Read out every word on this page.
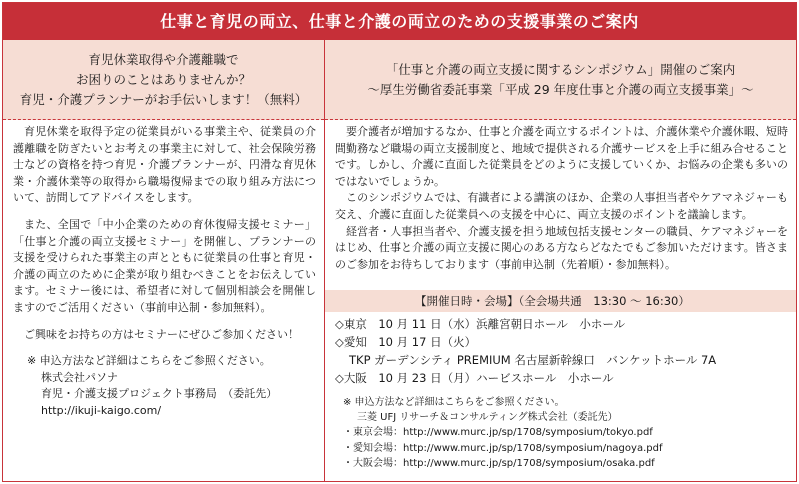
仕事と育児の両立、仕事と介護の両立のための支援事業のご案内
育児休業取得や介護離職で
お困りのことはありませんか？
育児・介護プランナーがお手伝いします！（無料）

育児休業を取得予定の従業員がいる事業主や、従業員の介護離職を防ぎたいとお考えの事業主に対して、社会保険労務士などの資格を持つ育児・介護プランナーが、円滑な育児休業・介護休業等の取得から職場復帰までの取り組み方法について、訪問してアドバイスをします。

また、全国で「中小企業のための育休復帰支援セミナー」「仕事と介護の両立支援セミナー」を開催し、プランナーの支援を受けられた事業主の声とともに従業員の仕事と育児・介護の両立のために企業が取り組むべきことをお伝えしています。セミナー後には、希望者に対して個別相談会を開催しますのでご活用ください（事前申込制・参加無料）。

ご興味をお持ちの方はセミナーにぜひご参加ください！

※ 申込方法など詳細はこちらをご参照ください。
株式会社パソナ
育児・介護支援プロジェクト事務局　（委託先）
http://ikuji-kaigo.com/
「仕事と介護の両立支援に関するシンポジウム」開催のご案内
～厚生労働省委託事業「平成 29 年度仕事と介護の両立支援事業」～

要介護者が増加するなか、仕事と介護を両立するポイントは、介護休業や介護休暇、短時間勤務など職場の両立支援制度と、地域で提供される介護サービスを上手に組み合せることです。しかし、介護に直面した従業員をどのように支援していくか、お悩みの企業も多いのではないでしょうか。

このシンポジウムでは、有識者による講演のほか、企業の人事担当者やケアマネジャーも交え、介護に直面した従業員への支援を中心に、両立支援のポイントを議論します。

経営者・人事担当者や、介護支援を担う地域包括支援センターの職員、ケアマネジャーをはじめ、仕事と介護の両立支援に関心のある方ならどなたでもご参加いただけます。皆さまのご参加をお待ちしております（事前申込制（先着順）・参加無料）。

【開催日時・会場】（全会場共通　13:30 ～ 16:30）
◇東京　10 月 11 日（水）浜離宮朝日ホール　小ホール
◇愛知　10 月 17 日（火）
TKP ガーデンシティ PREMIUM 名古屋新幹線口　バンケットホール 7A
◇大阪　10 月 23 日（月）ハービスホール　小ホール
※ 申込方法など詳細はこちらをご参照ください。
三菱 UFJ リサーチ＆コンサルティング株式会社（委託先）
・東京会場：http://www.murc.jp/sp/1708/symposium/tokyo.pdf
・愛知会場：http://www.murc.jp/sp/1708/symposium/nagoya.pdf
・大阪会場：http://www.murc.jp/sp/1708/symposium/osaka.pdf
